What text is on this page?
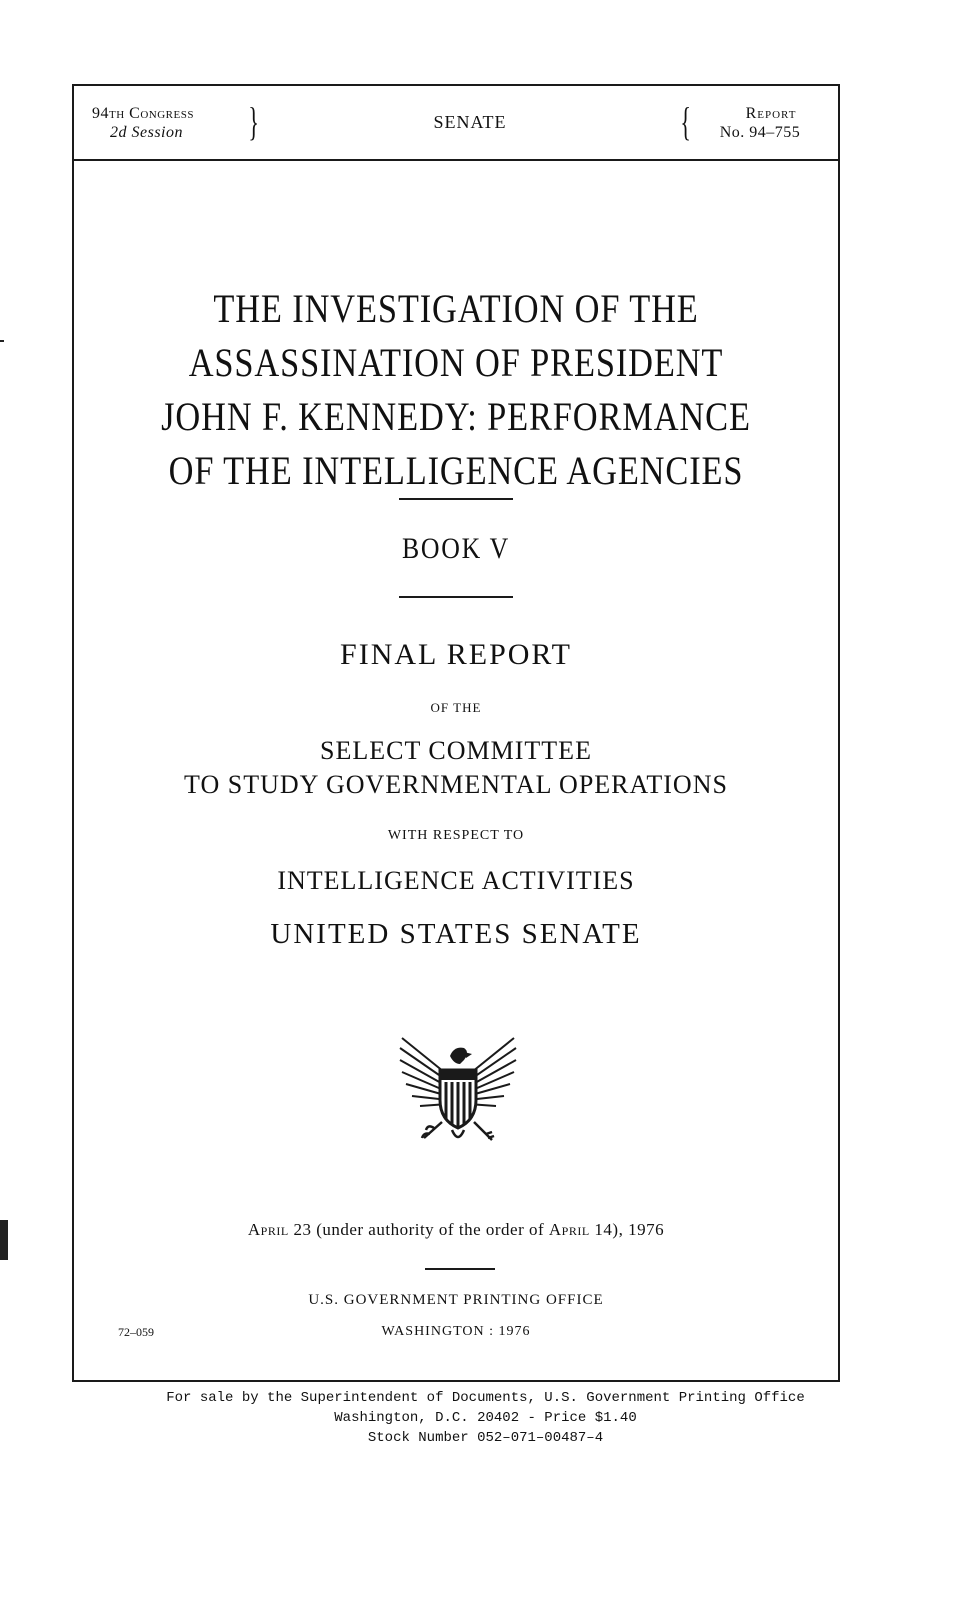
94th Congress
2d Session }	SENATE	{	Report
No. 94–755
THE INVESTIGATION OF THE
ASSASSINATION OF PRESIDENT
JOHN F. KENNEDY: PERFORMANCE
OF THE INTELLIGENCE AGENCIES
BOOK V
FINAL REPORT
OF THE
SELECT COMMITTEE
TO STUDY GOVERNMENTAL OPERATIONS
WITH RESPECT TO
INTELLIGENCE ACTIVITIES
UNITED STATES SENATE
April 23 (under authority of the order of April 14), 1976
U.S. GOVERNMENT PRINTING OFFICE
WASHINGTON : 1976
72–059
For sale by the Superintendent of Documents, U.S. Government Printing Office
Washington, D.C. 20402 - Price $1.40
Stock Number 052–071–00487–4
